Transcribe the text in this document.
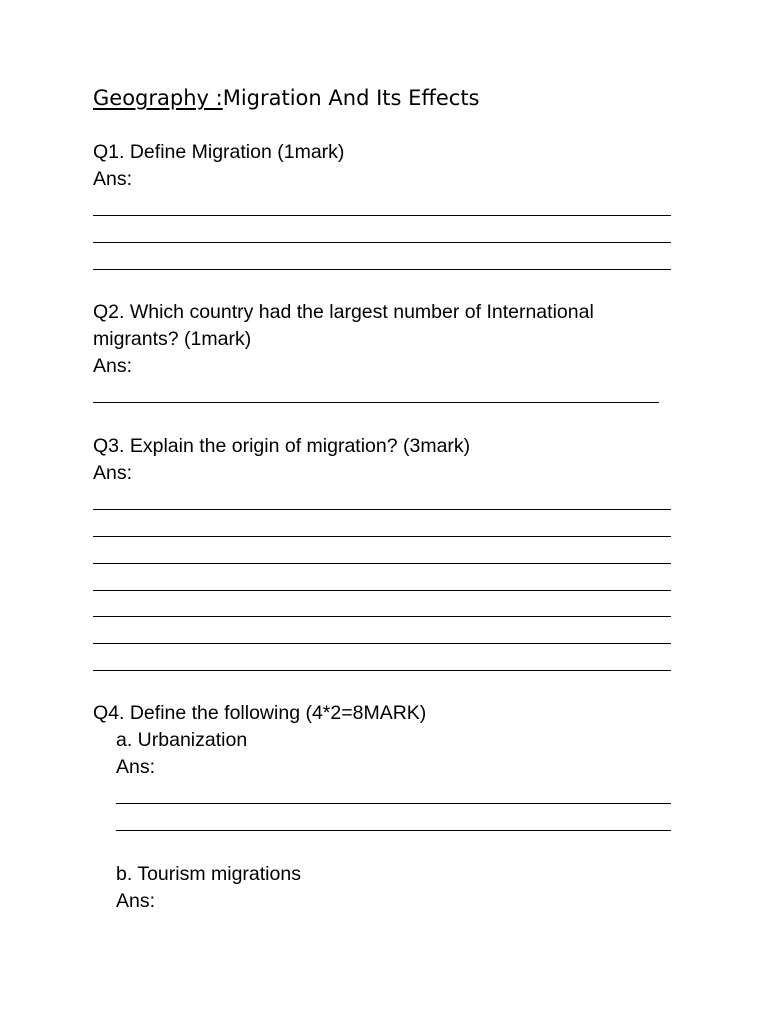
Geography :Migration And Its Effects

Q1. Define Migration (1mark)

Ans:

Q2. Which country had the largest number of International

migrants? (1mark)

Ans:

Q3. Explain the origin of migration? (3mark)

Ans:

Q4. Define the following (4*2=8MARK)

a. Urbanization

Ans:

b. Tourism migrations

Ans:
